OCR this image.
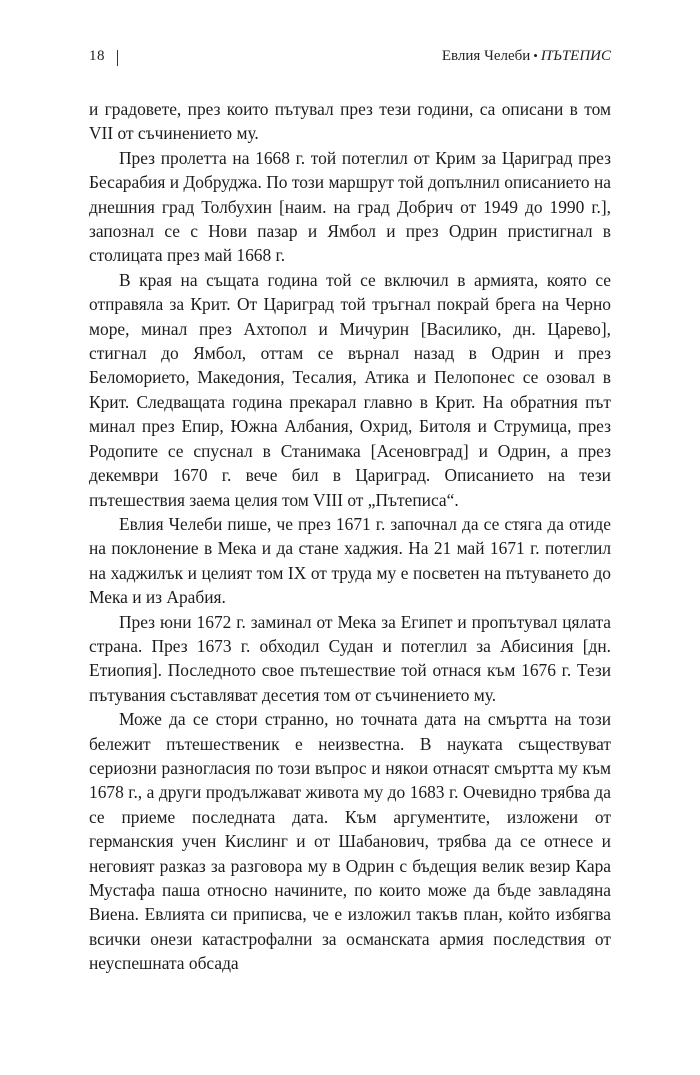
18	Евлия Челеби • ПЪТЕПИС

и градовете, през които пътувал през тези години, са описани в том VII от съчинението му.

През пролетта на 1668 г. той потеглил от Крим за Цариград през Бесарабия и Добруджа. По този маршрут той допълнил описанието на днешния град Толбухин [наим. на град Добрич от 1949 до 1990 г.], запознал се с Нови пазар и Ямбол и през Одрин пристигнал в столицата през май 1668 г.

В края на същата година той се включил в армията, която се отправяла за Крит. От Цариград той тръгнал покрай брега на Черно море, минал през Ахтопол и Мичурин [Василико, дн. Царево], стигнал до Ямбол, оттам се върнал назад в Одрин и през Беломорието, Македония, Тесалия, Атика и Пелопонес се озовал в Крит. Следващата година прекарал главно в Крит. На обратния път минал през Епир, Южна Албания, Охрид, Битоля и Струмица, през Родопите се спуснал в Станимака [Асеновград] и Одрин, а през декември 1670 г. вече бил в Цариград. Описанието на тези пътешествия заема целия том VIII от „Пътеписа“.

Евлия Челеби пише, че през 1671 г. започнал да се стяга да отиде на поклонение в Мека и да стане хаджия. На 21 май 1671 г. потеглил на хаджилък и целият том IX от труда му е посветен на пътуването до Мека и из Арабия.

През юни 1672 г. заминал от Мека за Египет и пропътувал цялата страна. През 1673 г. обходил Судан и потеглил за Абисиния [дн. Етиопия]. Последното свое пътешествие той отнася към 1676 г. Тези пътувания съставляват десетия том от съчинението му.

Може да се стори странно, но точната дата на смъртта на този бележит пътешественик е неизвестна. В науката съществуват сериозни разногласия по този въпрос и някои отнасят смъртта му към 1678 г., а други продължават живота му до 1683 г. Очевидно трябва да се приеме последната дата. Към аргументите, изложени от германския учен Кислинг и от Шабанович, трябва да се отнесе и неговият разказ за разговора му в Одрин с бъдещия велик везир Кара Мустафа паша относно начините, по които може да бъде завладяна Виена. Евлията си приписва, че е изложил такъв план, който избягва всички онези катастрофални за османската армия последствия от неуспешната обсада
